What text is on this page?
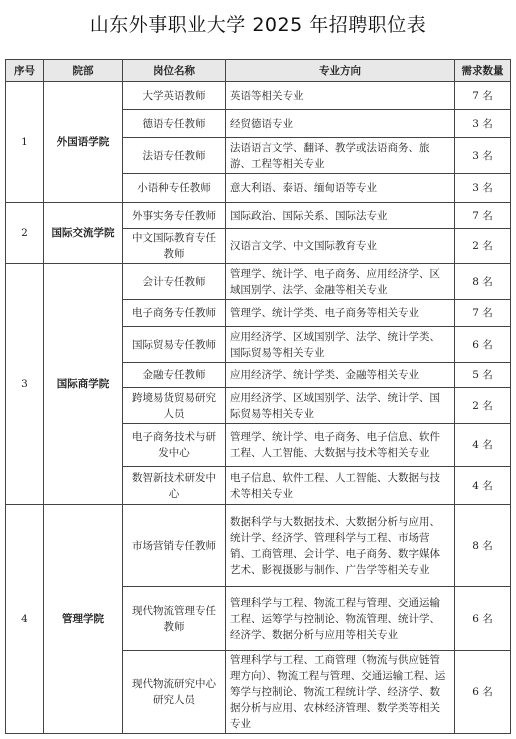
山东外事职业大学 2025 年招聘职位表
序号	院部	岗位名称	专业方向	需求数量
1	外国语学院	大学英语教师	英语等相关专业	7 名
		德语专任教师	经贸德语专业	3 名
		法语专任教师	法语语言文学、翻译、教学或法语商务、旅游、工程等相关专业	3 名
		小语种专任教师	意大利语、泰语、缅甸语等专业	3 名
2	国际交流学院	外事实务专任教师	国际政治、国际关系、国际法专业	7 名
		中文国际教育专任教师	汉语言文学、中文国际教育专业	2 名
3	国际商学院	会计专任教师	管理学、统计学、电子商务、应用经济学、区域国别学、法学、金融等相关专业	8 名
		电子商务专任教师	管理学、统计学类、电子商务等相关专业	7 名
		国际贸易专任教师	应用经济学、区域国别学、法学、统计学类、国际贸易等相关专业	6 名
		金融专任教师	应用经济学、统计学类、金融等相关专业	5 名
		跨境易货贸易研究人员	应用经济学、区域国别学、法学、统计学、国际贸易等相关专业	2 名
		电子商务技术与研发中心	管理学、统计学、电子商务、电子信息、软件工程、人工智能、大数据与技术等相关专业	4 名
		数智新技术研发中心	电子信息、软件工程、人工智能、大数据与技术等相关专业	4 名
4	管理学院	市场营销专任教师	数据科学与大数据技术、大数据分析与应用、统计学、经济学、管理科学与工程、市场营销、工商管理、会计学、电子商务、数字媒体艺术、影视摄影与制作、广告学等相关专业	8 名
		现代物流管理专任教师	管理科学与工程、物流工程与管理、交通运输工程、运筹学与控制论、物流管理、统计学、经济学、数据分析与应用等相关专业	6 名
		现代物流研究中心研究人员	管理科学与工程、工商管理（物流与供应链管理方向）、物流工程与管理、交通运输工程、运筹学与控制论、物流工程统计学、经济学、数据分析与应用、农林经济管理、数学类等相关专业	6 名
